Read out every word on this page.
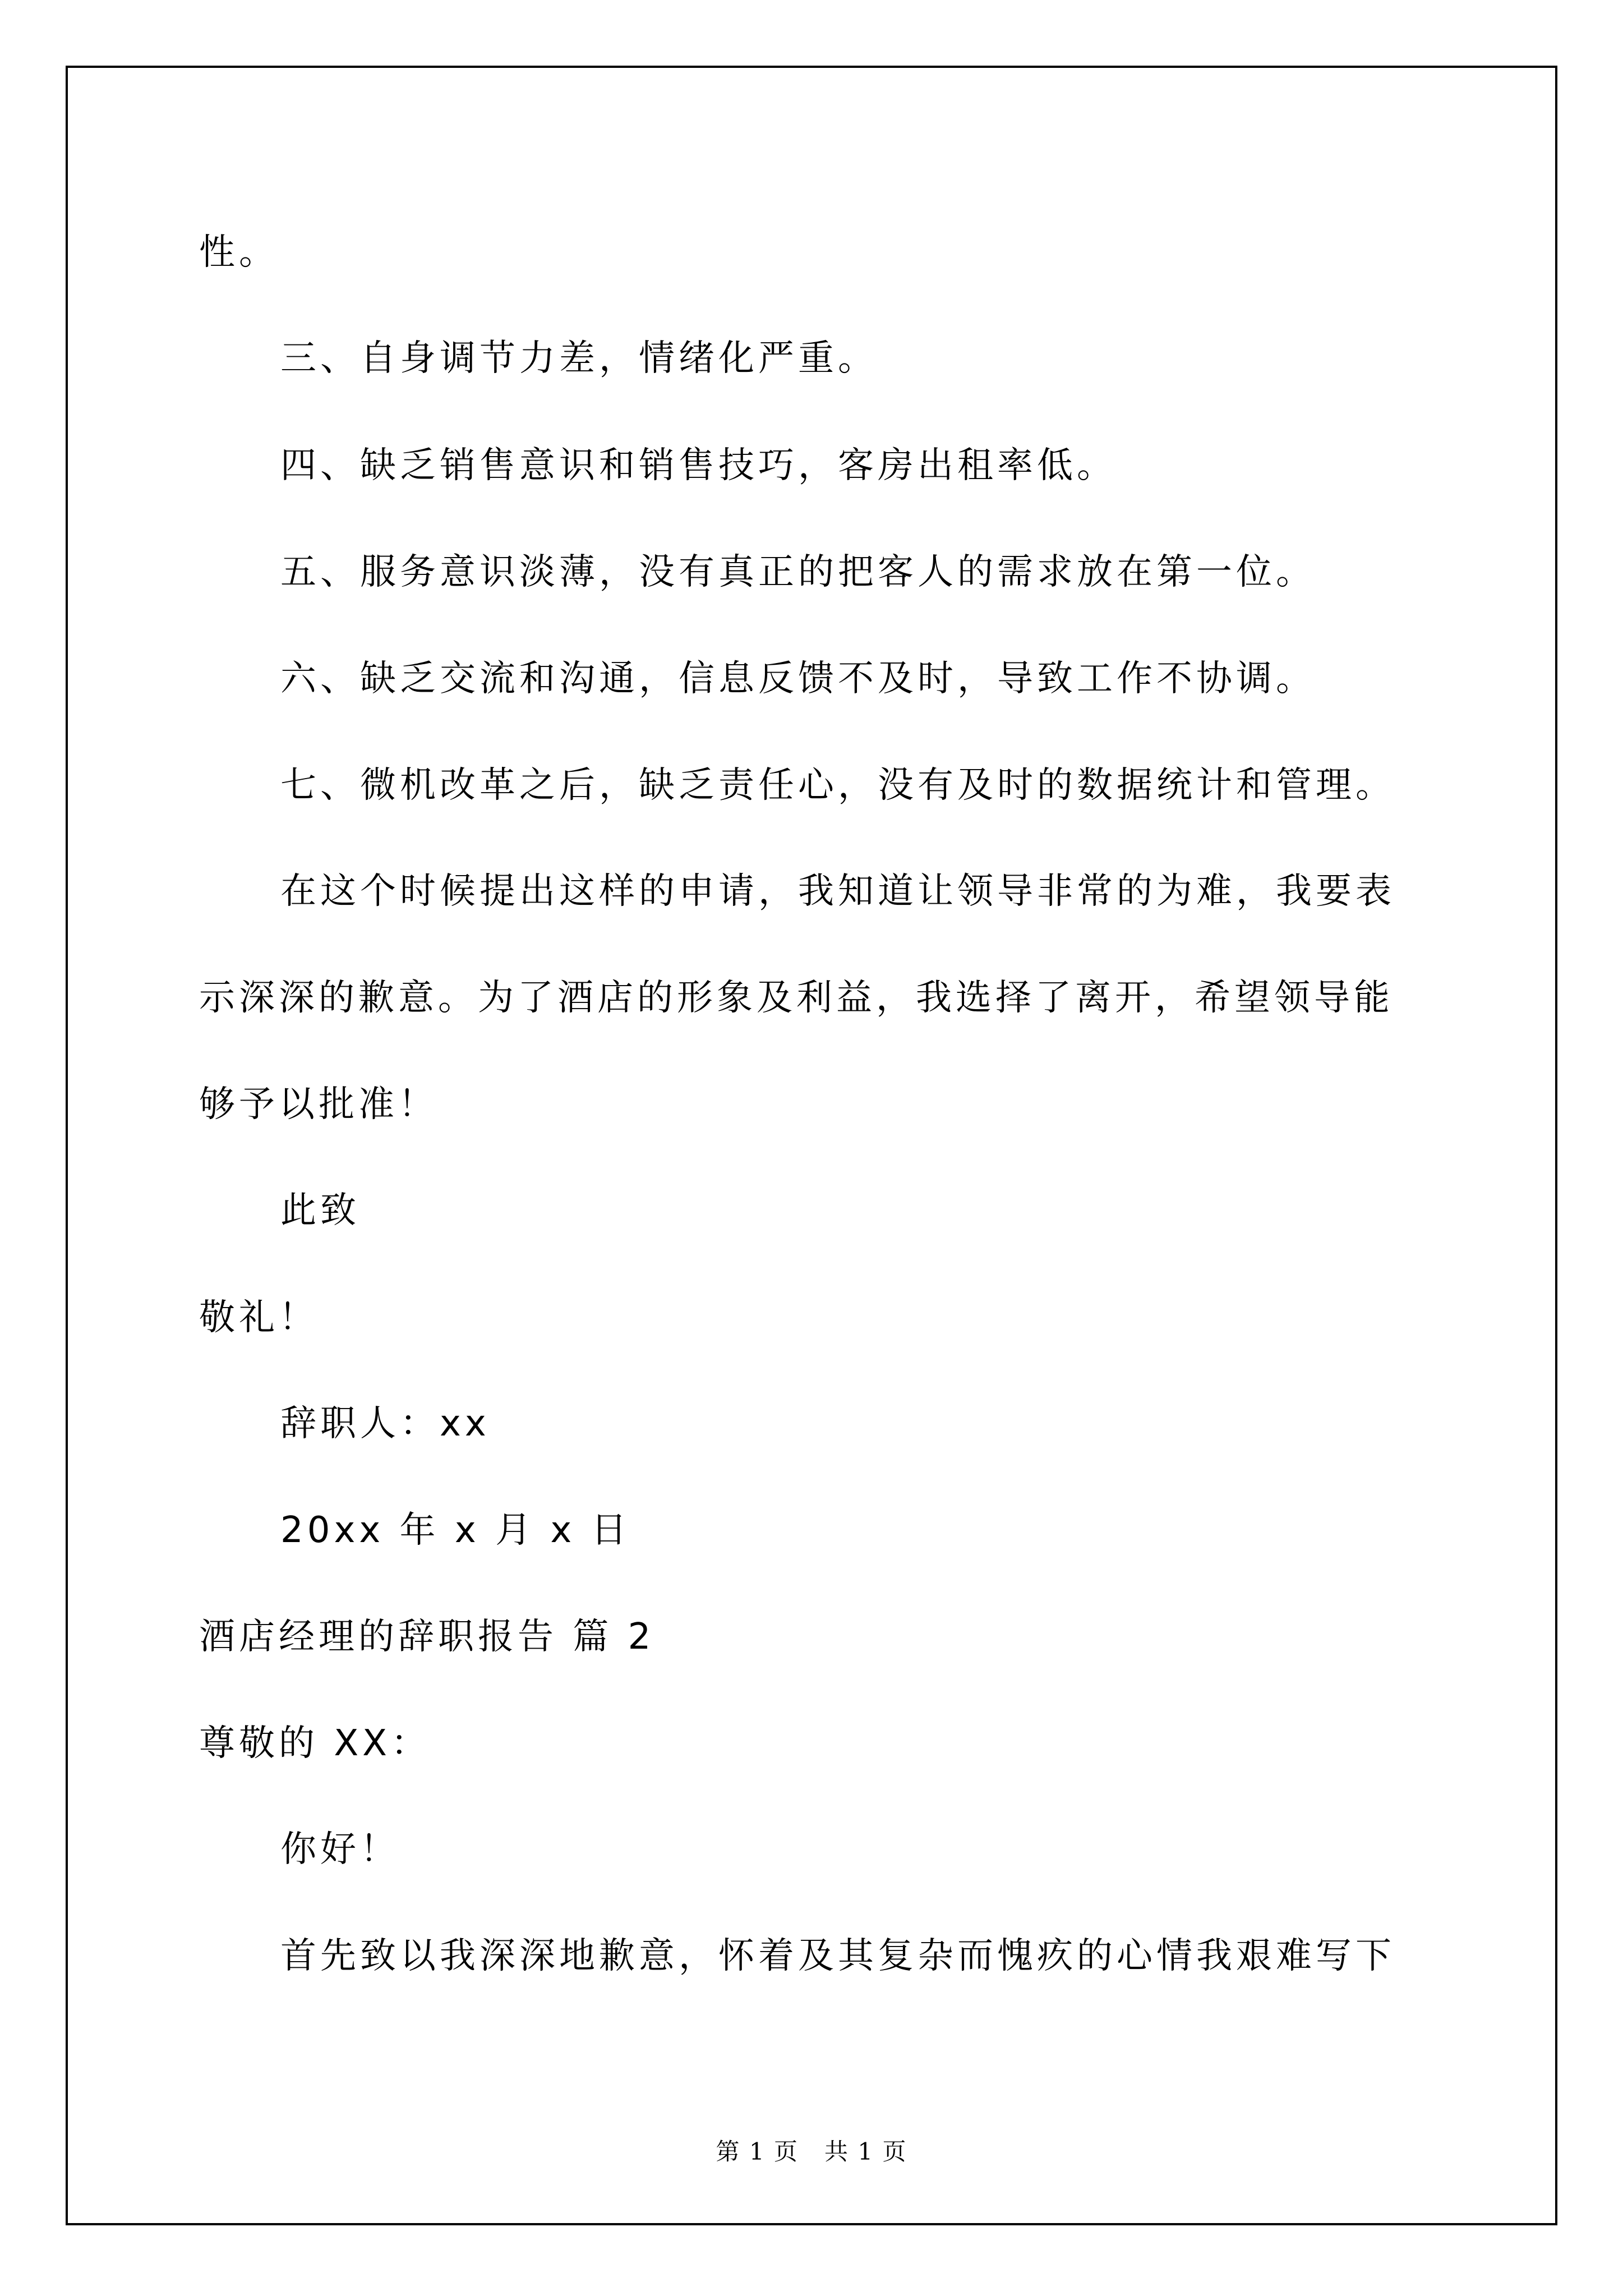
性。
三、自身调节力差，情绪化严重。
四、缺乏销售意识和销售技巧，客房出租率低。
五、服务意识淡薄，没有真正的把客人的需求放在第一位。
六、缺乏交流和沟通，信息反馈不及时，导致工作不协调。
七、微机改革之后，缺乏责任心，没有及时的数据统计和管理。
在这个时候提出这样的申请，我知道让领导非常的为难，我要表
示深深的歉意。为了酒店的形象及利益，我选择了离开，希望领导能
够予以批准！
此致
敬礼！
辞职人：xx
20xx 年 x 月 x 日
酒店经理的辞职报告 篇 2
尊敬的 XX：
你好！
首先致以我深深地歉意，怀着及其复杂而愧疚的心情我艰难写下
第 1 页   共 1 页
